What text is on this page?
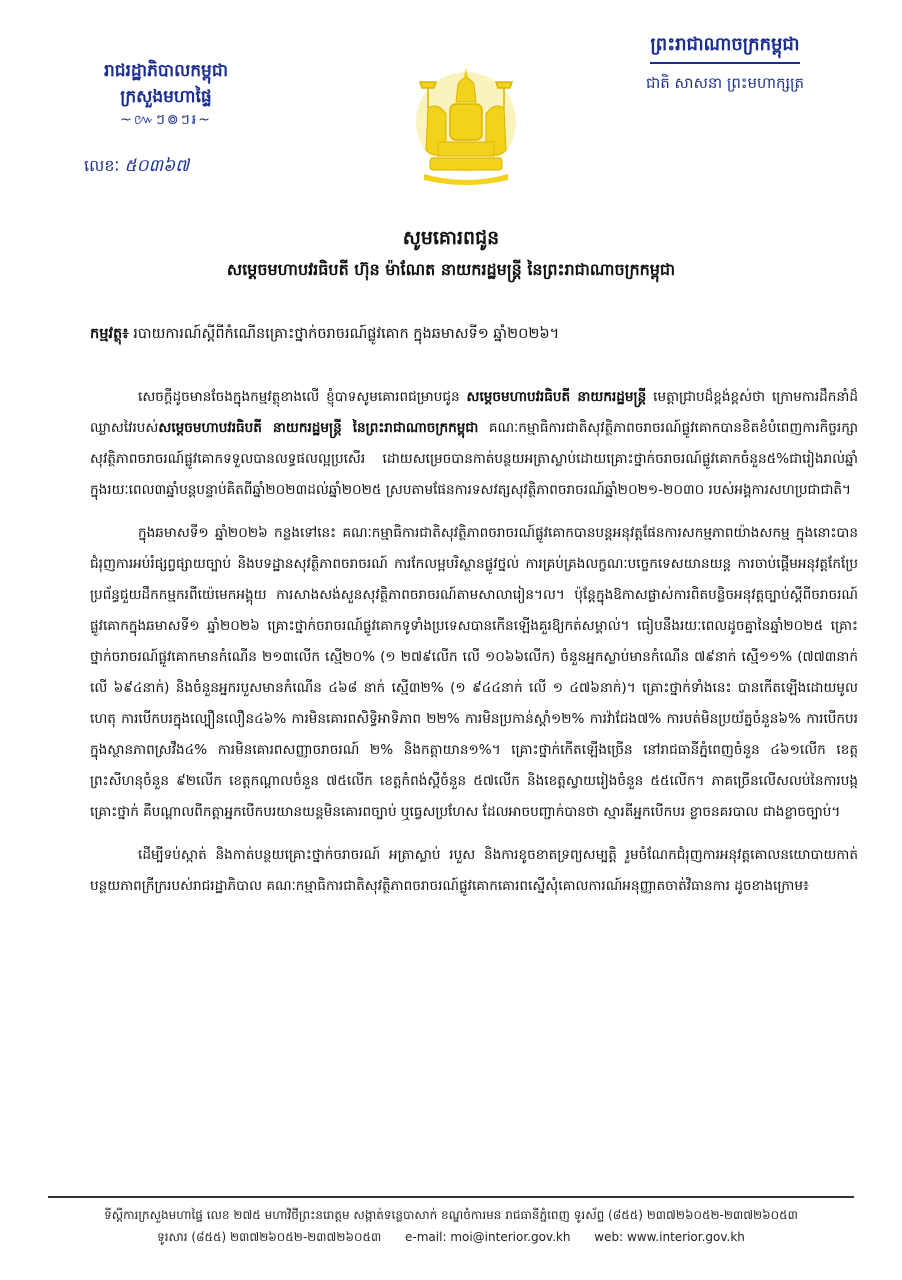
រាជរដ្ឋាភិបាលកម្ពុជា
ក្រសួងមហាផ្ទៃ
~៚ៗ៙ៗ៛~
លេខៈ ៥០៣៦៧
ព្រះរាជាណាចក្រកម្ពុជា
ជាតិ សាសនា ព្រះមហាក្សត្រ
សូមគោរពជូន
សម្តេចមហាបវរធិបតី ហ៊ុន ម៉ាណែត នាយករដ្ឋមន្ត្រី នៃព្រះរាជាណាចក្រកម្ពុជា
កម្មវត្ថុ៖ របាយការណ៍ស្តីពីកំណើនគ្រោះថ្នាក់ចរាចរណ៍ផ្លូវគោក ក្នុងឆមាសទី១ ឆ្នាំ២០២៦។

សេចក្តីដូចមានចែងក្នុងកម្មវត្ថុខាងលើ ខ្ញុំបាទសូមគោរពជម្រាបជូន សម្តេចមហាបវរធិបតី នាយករដ្ឋមន្ត្រី មេត្តាជ្រាបដ៏ខ្ពង់ខ្ពស់ថា ក្រោមការដឹកនាំដ៏ឈ្លាសវៃរបស់សម្តេចមហាបវរធិបតី នាយករដ្ឋមន្ត្រី នៃព្រះរាជាណាចក្រកម្ពុជា គណៈកម្មាធិការជាតិសុវត្ថិភាពចរាចរណ៍ផ្លូវគោកបានខិតខំបំពេញការកិច្ចរក្សាសុវត្ថិភាពចរាចរណ៍ផ្លូវគោកទទួលបានលទ្ធផលល្អប្រសើរ ដោយសម្រេចបានកាត់បន្ថយអត្រាស្លាប់ដោយគ្រោះថ្នាក់ចរាចរណ៍ផ្លូវគោកចំនួន៥%ជារៀងរាល់ឆ្នាំក្នុងរយៈពេល៣ឆ្នាំបន្តបន្ទាប់គិតពីឆ្នាំ២០២៣ដល់ឆ្នាំ២០២៥ ស្របតាមផែនការទសវត្សសុវត្ថិភាពចរាចរណ៍ឆ្នាំ២០២១-២០៣០ របស់អង្គការសហប្រជាជាតិ។

ក្នុងឆមាសទី១ ឆ្នាំ២០២៦ កន្លងទៅនេះ គណៈកម្មាធិការជាតិសុវត្ថិភាពចរាចរណ៍ផ្លូវគោកបានបន្តអនុវត្តផែនការសកម្មភាពយ៉ាងសកម្ម ក្នុងនោះបានជំរុញការអប់រំផ្សព្វផ្សាយច្បាប់ និងបទដ្ឋានសុវត្ថិភាពចរាចរណ៍ ការកែលម្អបរិស្ថានផ្លូវថ្នល់ ការគ្រប់គ្រងលក្ខណៈបច្ចេកទេសយានយន្ត ការចាប់ផ្តើមអនុវត្តកែប្រែប្រព័ន្ធជួយដឹកកម្មករពីយ៉េមេកអង្គុយ ការសាងសង់សួនសុវត្ថិភាពចរាចរណ៍តាមសាលារៀន។ល។ ប៉ុន្តែក្នុងឱកាសផ្លាស់ការពិតបន្លិចអនុវត្តច្បាប់ស្តីពីចរាចរណ៍ផ្លូវគោកក្នុងឆមាសទី១ ឆ្នាំ២០២៦ គ្រោះថ្នាក់ចរាចរណ៍ផ្លូវគោកទូទាំងប្រទេសបានកើនឡើងគួរឱ្យកត់សម្គាល់។ ធៀបនឹងរយៈពេលដូចគ្នានៃឆ្នាំ២០២៥ គ្រោះថ្នាក់ចរាចរណ៍ផ្លូវគោកមានកំណើន ២១៣លើក ស្មើ២០% (១ ២៧៩លើក លើ ១០៦៦លើក) ចំនួនអ្នកស្លាប់មានកំណើន ៧៩នាក់ ស្មើ១១% (៧៧៣នាក់ លើ ៦៩៤នាក់) និងចំនួនអ្នករបួសមានកំណើន ៤៦៨ នាក់ ស្មើ៣២% (១ ៩៤៤នាក់ លើ ១ ៤៧៦នាក់)។ គ្រោះថ្នាក់ទាំងនេះ បានកើតឡើងដោយមូលហេតុ ការបើកបរក្នុងល្បឿនលឿន៤៦% ការមិនគោរពសិទ្ធិអាទិភាព ២២% ការមិនប្រកាន់ស្តាំ១២% ការវ៉ាជែង៧% ការបត់មិនប្រយ័ត្នចំនួន៦% ការបើកបរក្នុងស្ថានភាពស្រវឹង៤% ការមិនគោរពសញ្ញាចរាចរណ៍ ២% និងកត្តាយាន១%។ គ្រោះថ្នាក់កើតឡើងច្រើន នៅរាជធានីភ្នំពេញចំនួន ៤៦១លើក ខេត្តព្រះសីហនុចំនួន ៩២លើក ខេត្តកណ្តាលចំនួន ៧៥លើក ខេត្តកំពង់ស្ពឺចំនួន ៥៧លើក និងខេត្តស្វាយរៀងចំនួន ៥៥លើក។ ភាគច្រើនលើសលប់នៃការបង្កគ្រោះថ្នាក់ គឺបណ្តាលពីកត្តាអ្នកបើកបរយានយន្តមិនគោរពច្បាប់ ឬធ្វេសប្រហែស ដែលអាចបញ្ជាក់បានថា ស្មារតីអ្នកបើកបរ ខ្លាចនគរបាល ជាងខ្លាចច្បាប់។

ដើម្បីទប់ស្កាត់ និងកាត់បន្ថយគ្រោះថ្នាក់ចរាចរណ៍ អត្រាស្លាប់ របួស និងការខូចខាតទ្រព្យសម្បត្តិ រួមចំណែកជំរុញការអនុវត្តគោលនយោបាយកាត់បន្ថយភាពក្រីក្ររបស់រាជរដ្ឋាភិបាល គណៈកម្មាធិការជាតិសុវត្ថិភាពចរាចរណ៍ផ្លូវគោកគោរពស្នើសុំគោលការណ៍អនុញ្ញាតចាត់វិធានការ ដូចខាងក្រោម៖

ទីស្តីការក្រសួងមហាផ្ទៃ លេខ ២៧៥ មហាវិថីព្រះនរោត្តម សង្កាត់ទន្លេបាសាក់ ខណ្ឌចំការមន រាជធានីភ្នំពេញ ទូរស័ព្ទ (៨៥៥) ២៣៧២៦០៥២-២៣៧២៦០៥៣
ទូរសារ (៨៥៥) ២៣៧២៦០៥២-២៣៧២៦០៥៣ e-mail: moi@interior.gov.kh web: www.interior.gov.kh
